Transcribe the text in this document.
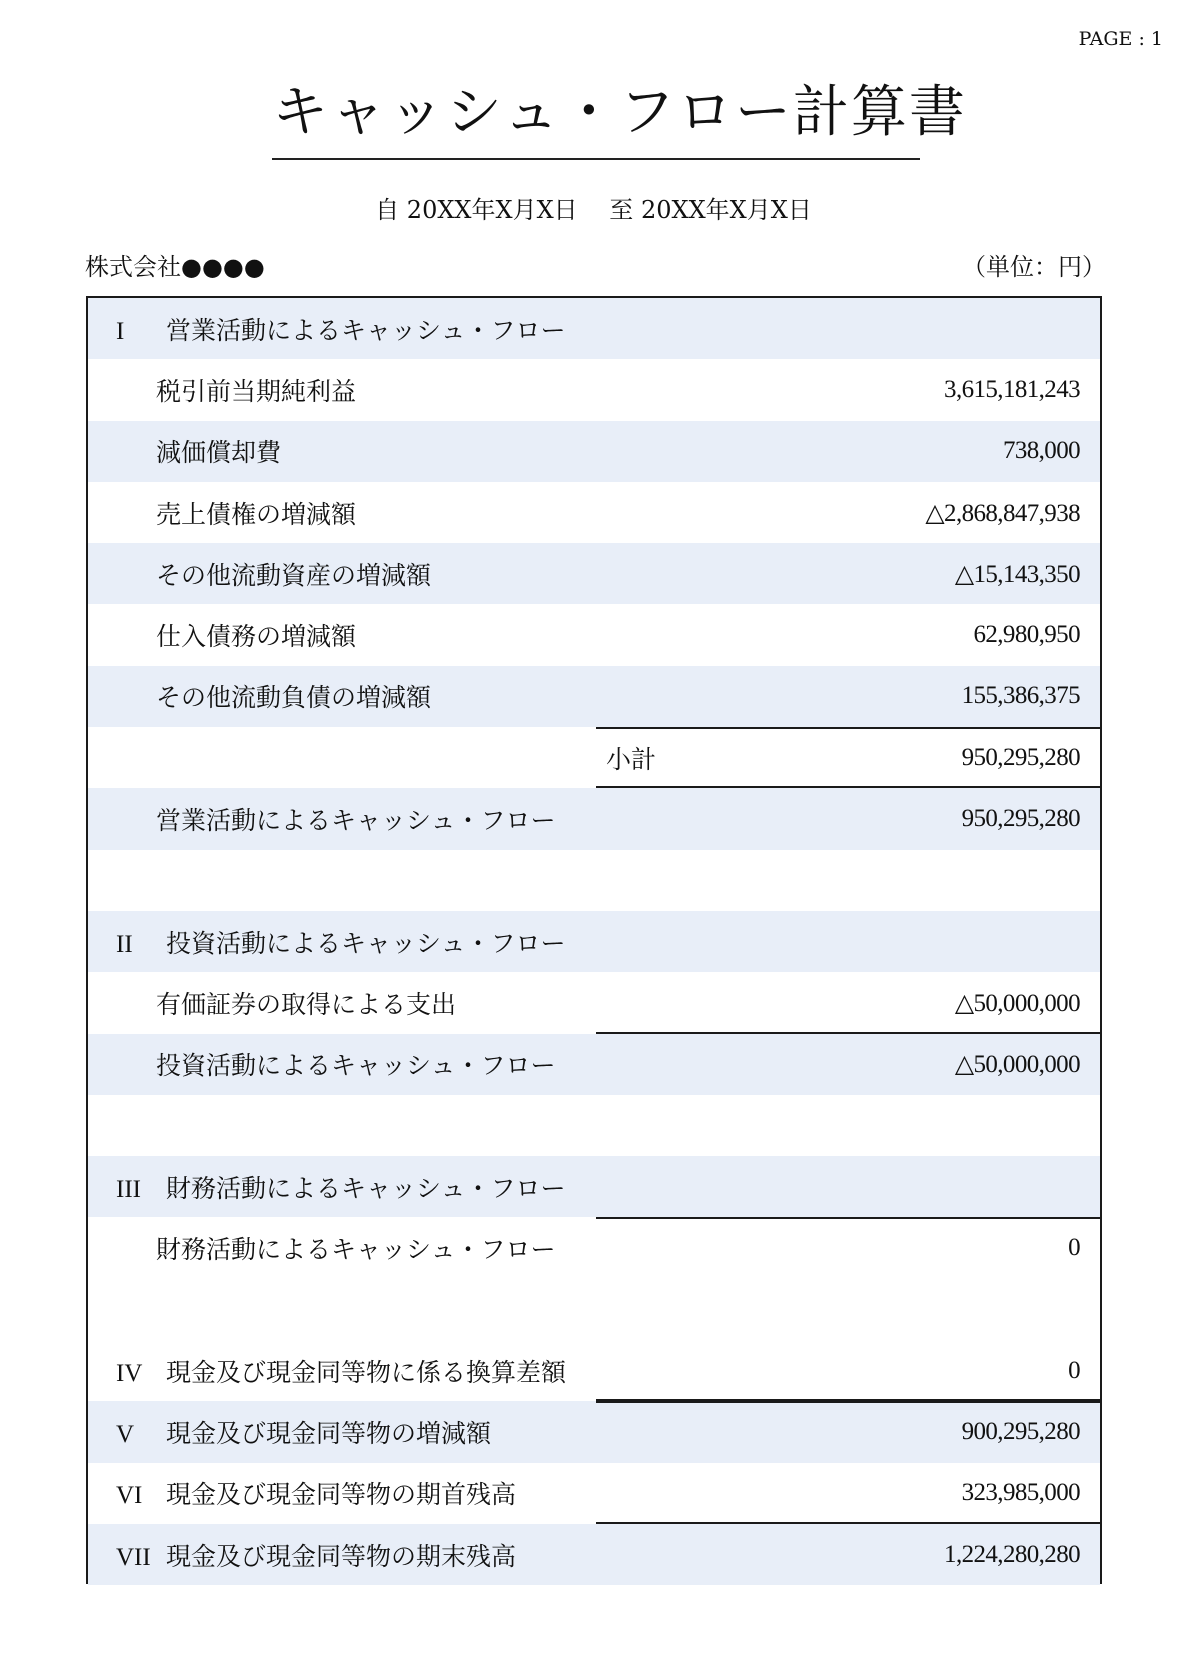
PAGE : 1
キャッシュ・フロー計算書
自 20XX年X月X日　 至 20XX年X月X日
株式会社●●●●	（単位：円）
I 営業活動によるキャッシュ・フロー
税引前当期純利益	3,615,181,243
減価償却費	738,000
売上債権の増減額	△2,868,847,938
その他流動資産の増減額	△15,143,350
仕入債務の増減額	62,980,950
その他流動負債の増減額	155,386,375
小計	950,295,280
営業活動によるキャッシュ・フロー	950,295,280
II 投資活動によるキャッシュ・フロー
有価証券の取得による支出	△50,000,000
投資活動によるキャッシュ・フロー	△50,000,000
III 財務活動によるキャッシュ・フロー
財務活動によるキャッシュ・フロー	0
IV 現金及び現金同等物に係る換算差額	0
V 現金及び現金同等物の増減額	900,295,280
VI 現金及び現金同等物の期首残高	323,985,000
VII 現金及び現金同等物の期末残高	1,224,280,280
